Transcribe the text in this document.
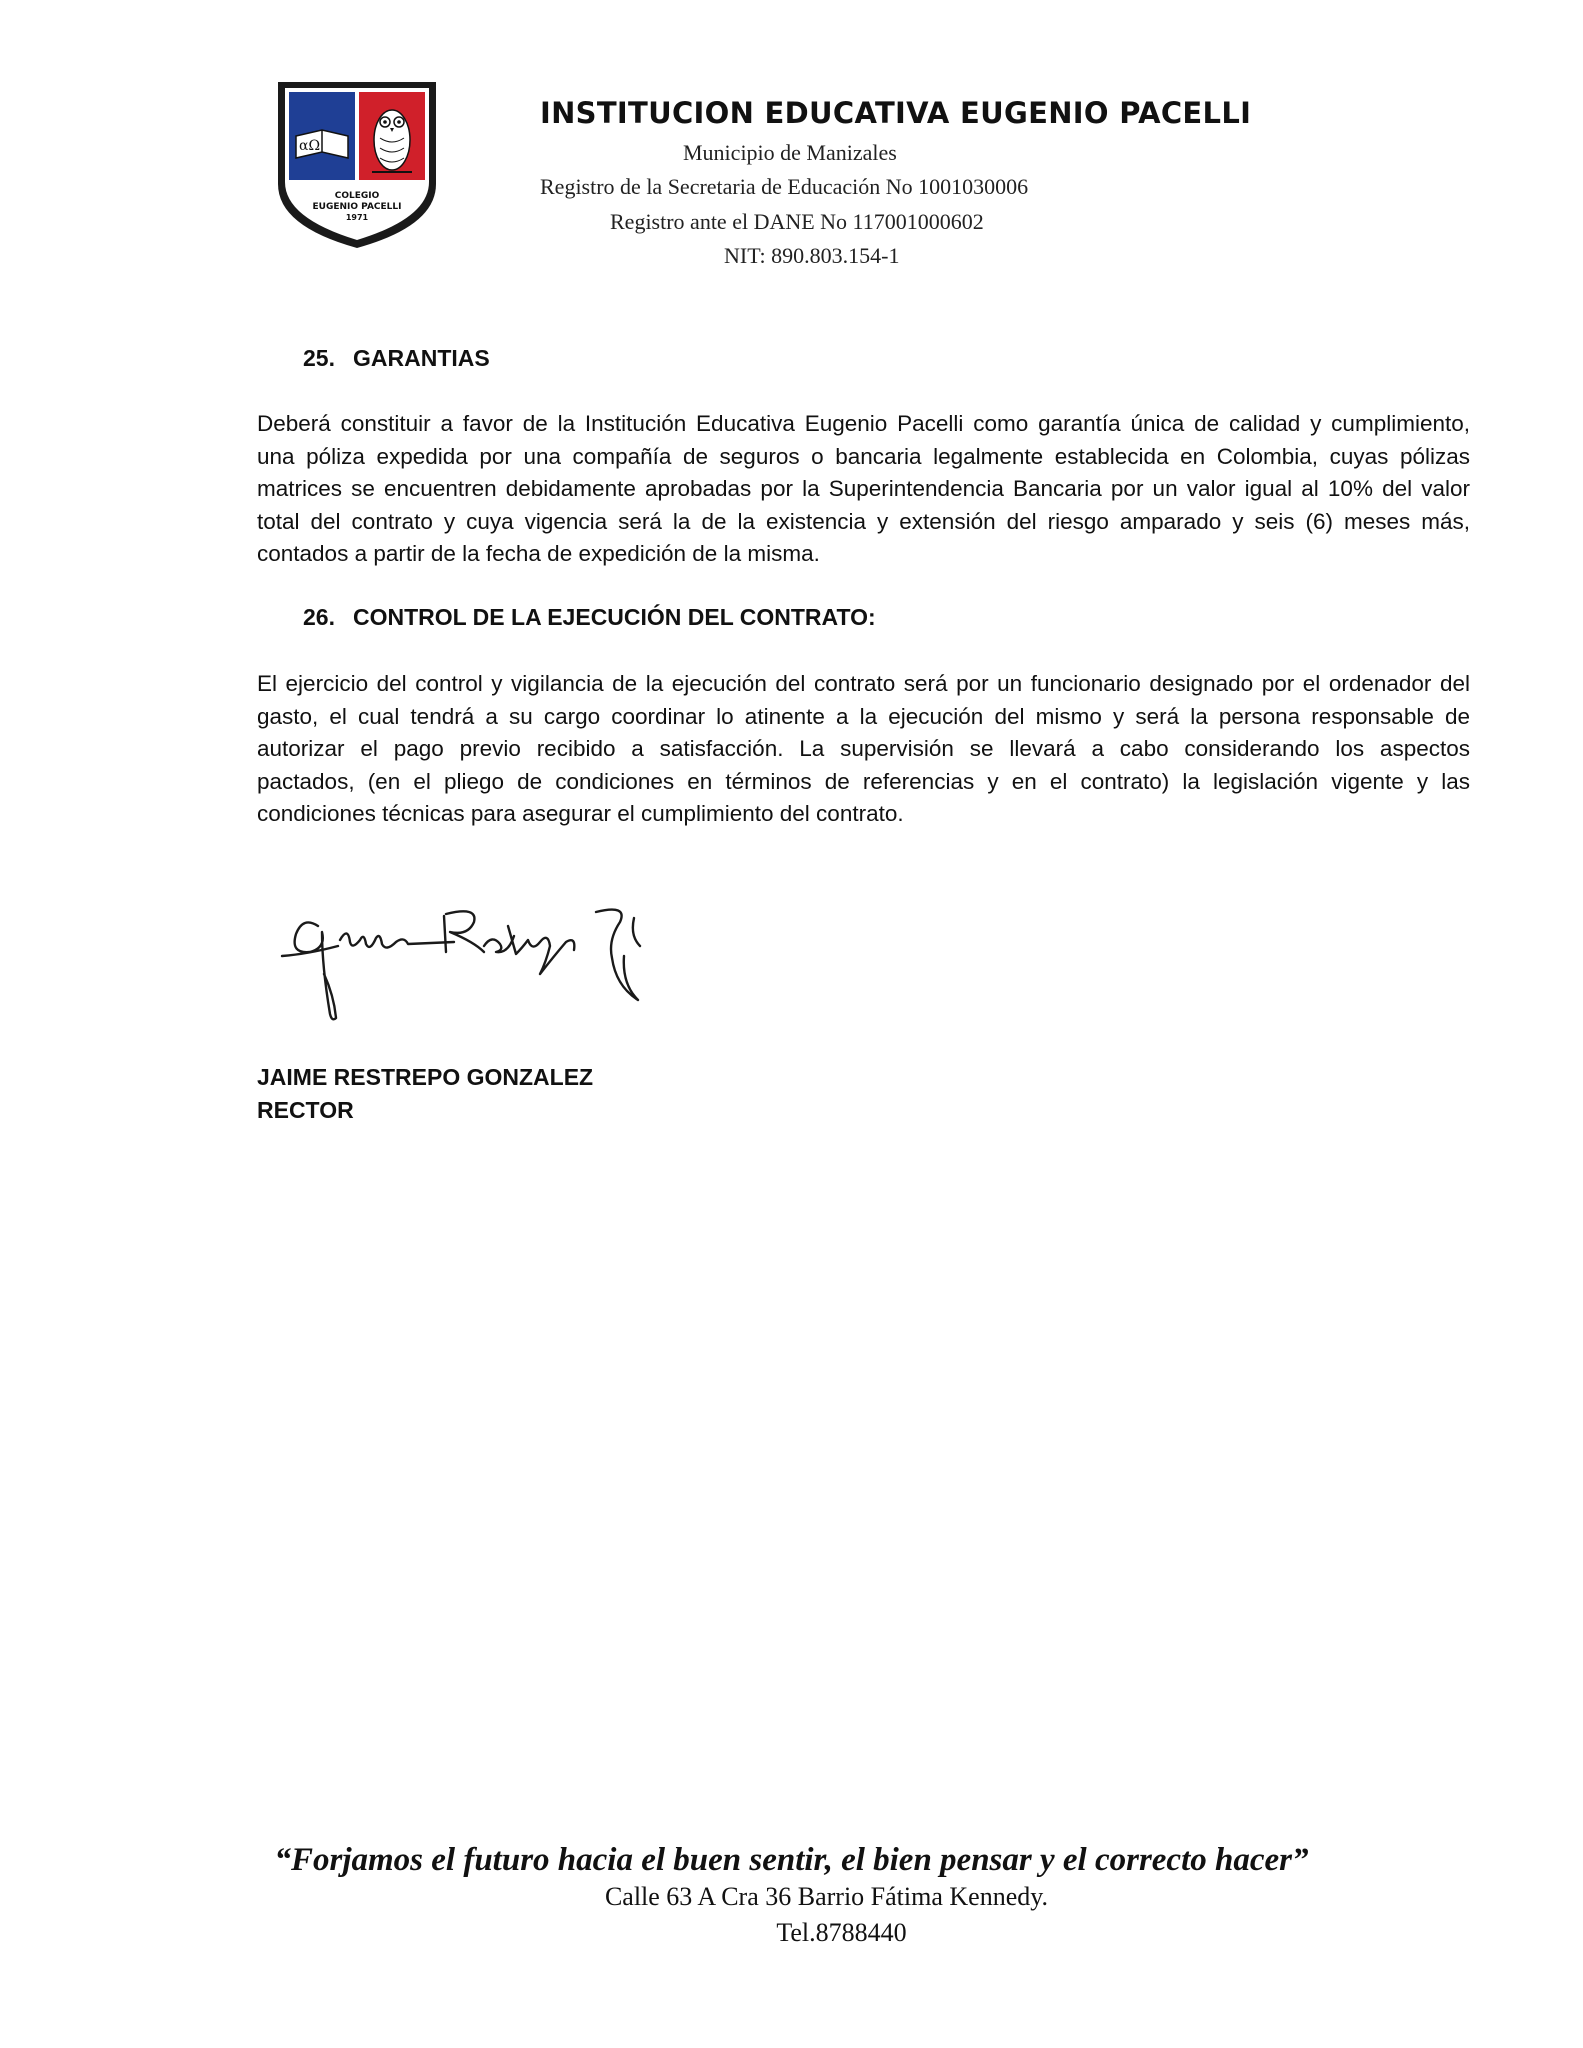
αΩ
COLEGIO
EUGENIO PACELLI
1971
INSTITUCION EDUCATIVA EUGENIO PACELLI
Municipio de Manizales
Registro de la Secretaria de Educación No 1001030006
Registro ante el DANE No 117001000602
NIT: 890.803.154-1
25. GARANTIAS
Deberá constituir a favor de la Institución Educativa Eugenio Pacelli como garantía única de calidad y cumplimiento,
una póliza expedida por una compañía de seguros o bancaria legalmente establecida en Colombia, cuyas pólizas
matrices se encuentren debidamente aprobadas por la Superintendencia Bancaria por un valor igual al 10% del valor
total del contrato y cuya vigencia será la de la existencia y extensión del riesgo amparado y seis (6) meses más,
contados a partir de la fecha de expedición de la misma.
26. CONTROL DE LA EJECUCIÓN DEL CONTRATO:
El ejercicio del control y vigilancia de la ejecución del contrato será por un funcionario designado por el ordenador del
gasto, el cual tendrá a su cargo coordinar lo atinente a la ejecución del mismo y será la persona responsable de
autorizar el pago previo recibido a satisfacción. La supervisión se llevará a cabo considerando los aspectos
pactados, (en el pliego de condiciones en términos de referencias y en el contrato) la legislación vigente y las
condiciones técnicas para asegurar el cumplimiento del contrato.
JAIME RESTREPO GONZALEZ
RECTOR
“Forjamos el futuro hacia el buen sentir, el bien pensar y el correcto hacer”
Calle 63 A Cra 36 Barrio Fátima Kennedy.
Tel.8788440
